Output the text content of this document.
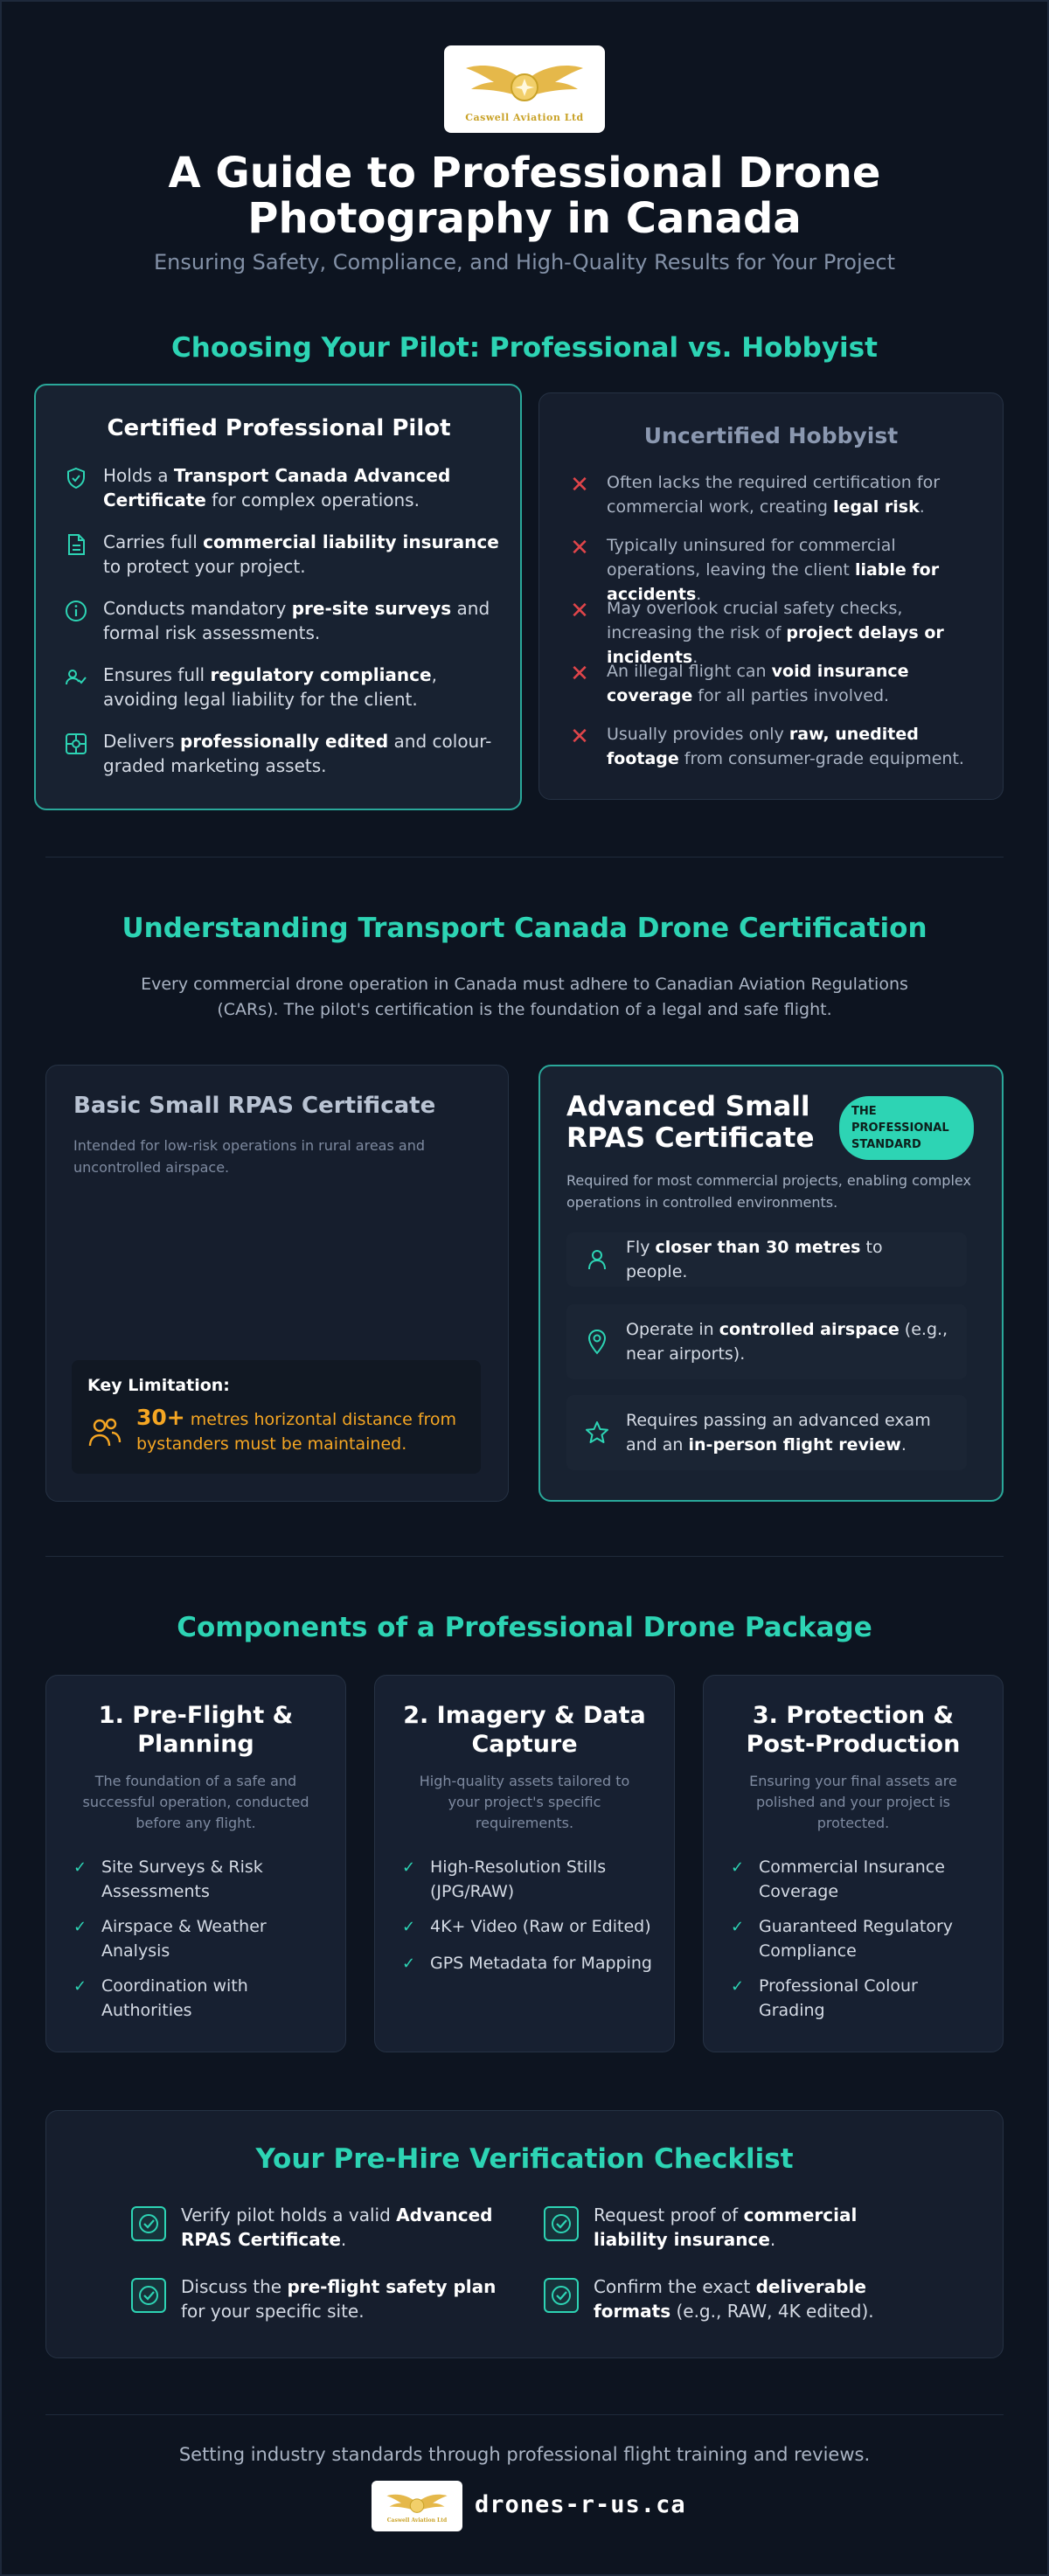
Caswell Aviation Ltd
A Guide to Professional Drone
Photography in Canada
Ensuring Safety, Compliance, and High-Quality Results for Your Project
Choosing Your Pilot: Professional vs. Hobbyist
Certified Professional Pilot
Holds a Transport Canada Advanced Certificate for complex operations.
Carries full commercial liability insurance to protect your project.
Conducts mandatory pre-site surveys and formal risk assessments.
Ensures full regulatory compliance, avoiding legal liability for the client.
Delivers professionally edited and colour-graded marketing assets.
Uncertified Hobbyist
✕ Often lacks the required certification for commercial work, creating legal risk.
✕ Typically uninsured for commercial operations, leaving the client liable for accidents.
✕ May overlook crucial safety checks, increasing the risk of project delays or incidents.
✕ An illegal flight can void insurance coverage for all parties involved.
✕ Usually provides only raw, unedited footage from consumer-grade equipment.
Understanding Transport Canada Drone Certification
Every commercial drone operation in Canada must adhere to Canadian Aviation Regulations
(CARs). The pilot's certification is the foundation of a legal and safe flight.
Basic Small RPAS Certificate
Intended for low-risk operations in rural areas and uncontrolled airspace.
Key Limitation:
30+ metres horizontal distance from bystanders must be maintained.
Advanced Small
RPAS Certificate
THE PROFESSIONAL STANDARD
Required for most commercial projects, enabling complex operations in controlled environments.
Fly closer than 30 metres to people.
Operate in controlled airspace (e.g., near airports).
Requires passing an advanced exam and an in-person flight review.
Components of a Professional Drone Package
1. Pre-Flight &
Planning
The foundation of a safe and successful operation, conducted before any flight.
✓ Site Surveys & Risk Assessments
✓ Airspace & Weather Analysis
✓ Coordination with Authorities
2. Imagery & Data
Capture
High-quality assets tailored to your project's specific requirements.
✓ High-Resolution Stills (JPG/RAW)
✓ 4K+ Video (Raw or Edited)
✓ GPS Metadata for Mapping
3. Protection &
Post-Production
Ensuring your final assets are polished and your project is protected.
✓ Commercial Insurance Coverage
✓ Guaranteed Regulatory Compliance
✓ Professional Colour Grading
Your Pre-Hire Verification Checklist
Verify pilot holds a valid Advanced RPAS Certificate.
Request proof of commercial liability insurance.
Discuss the pre-flight safety plan for your specific site.
Confirm the exact deliverable formats (e.g., RAW, 4K edited).
Setting industry standards through professional flight training and reviews.
Caswell Aviation Ltd
drones-r-us.ca
